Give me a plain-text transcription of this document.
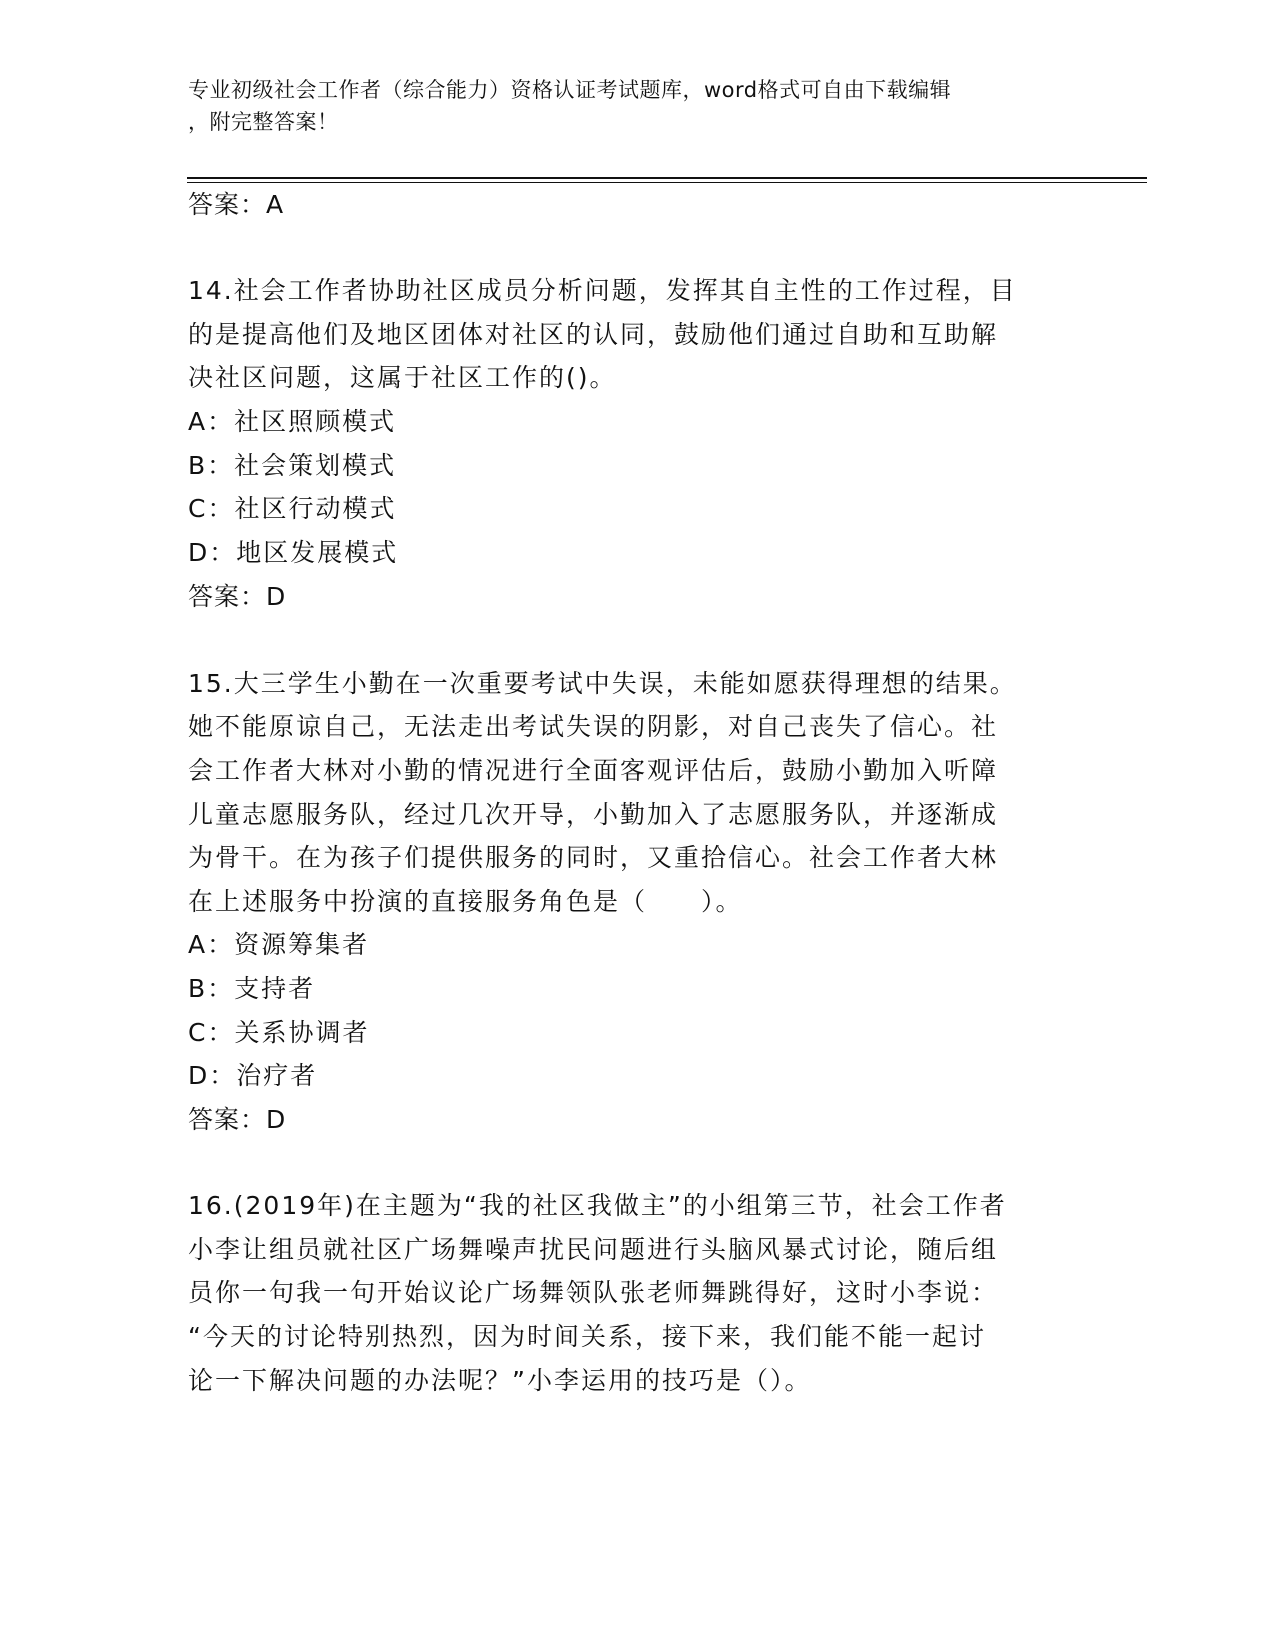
专业初级社会工作者（综合能力）资格认证考试题库，word格式可自由下载编辑
，附完整答案！
答案：A
14.社会工作者协助社区成员分析问题，发挥其自主性的工作过程，目
的是提高他们及地区团体对社区的认同，鼓励他们通过自助和互助解
决社区问题，这属于社区工作的()。
A：社区照顾模式
B：社会策划模式
C：社区行动模式
D：地区发展模式
答案：D
15.大三学生小勤在一次重要考试中失误，未能如愿获得理想的结果。
她不能原谅自己，无法走出考试失误的阴影，对自己丧失了信心。社
会工作者大林对小勤的情况进行全面客观评估后，鼓励小勤加入听障
儿童志愿服务队，经过几次开导，小勤加入了志愿服务队，并逐渐成
为骨干。在为孩子们提供服务的同时，又重拾信心。社会工作者大林
在上述服务中扮演的直接服务角色是（　　）。
A：资源筹集者
B：支持者
C：关系协调者
D：治疗者
答案：D
16.(2019年)在主题为“我的社区我做主”的小组第三节，社会工作者
小李让组员就社区广场舞噪声扰民问题进行头脑风暴式讨论，随后组
员你一句我一句开始议论广场舞领队张老师舞跳得好，这时小李说：
“今天的讨论特别热烈，因为时间关系，接下来，我们能不能一起讨
论一下解决问题的办法呢？”小李运用的技巧是（）。
